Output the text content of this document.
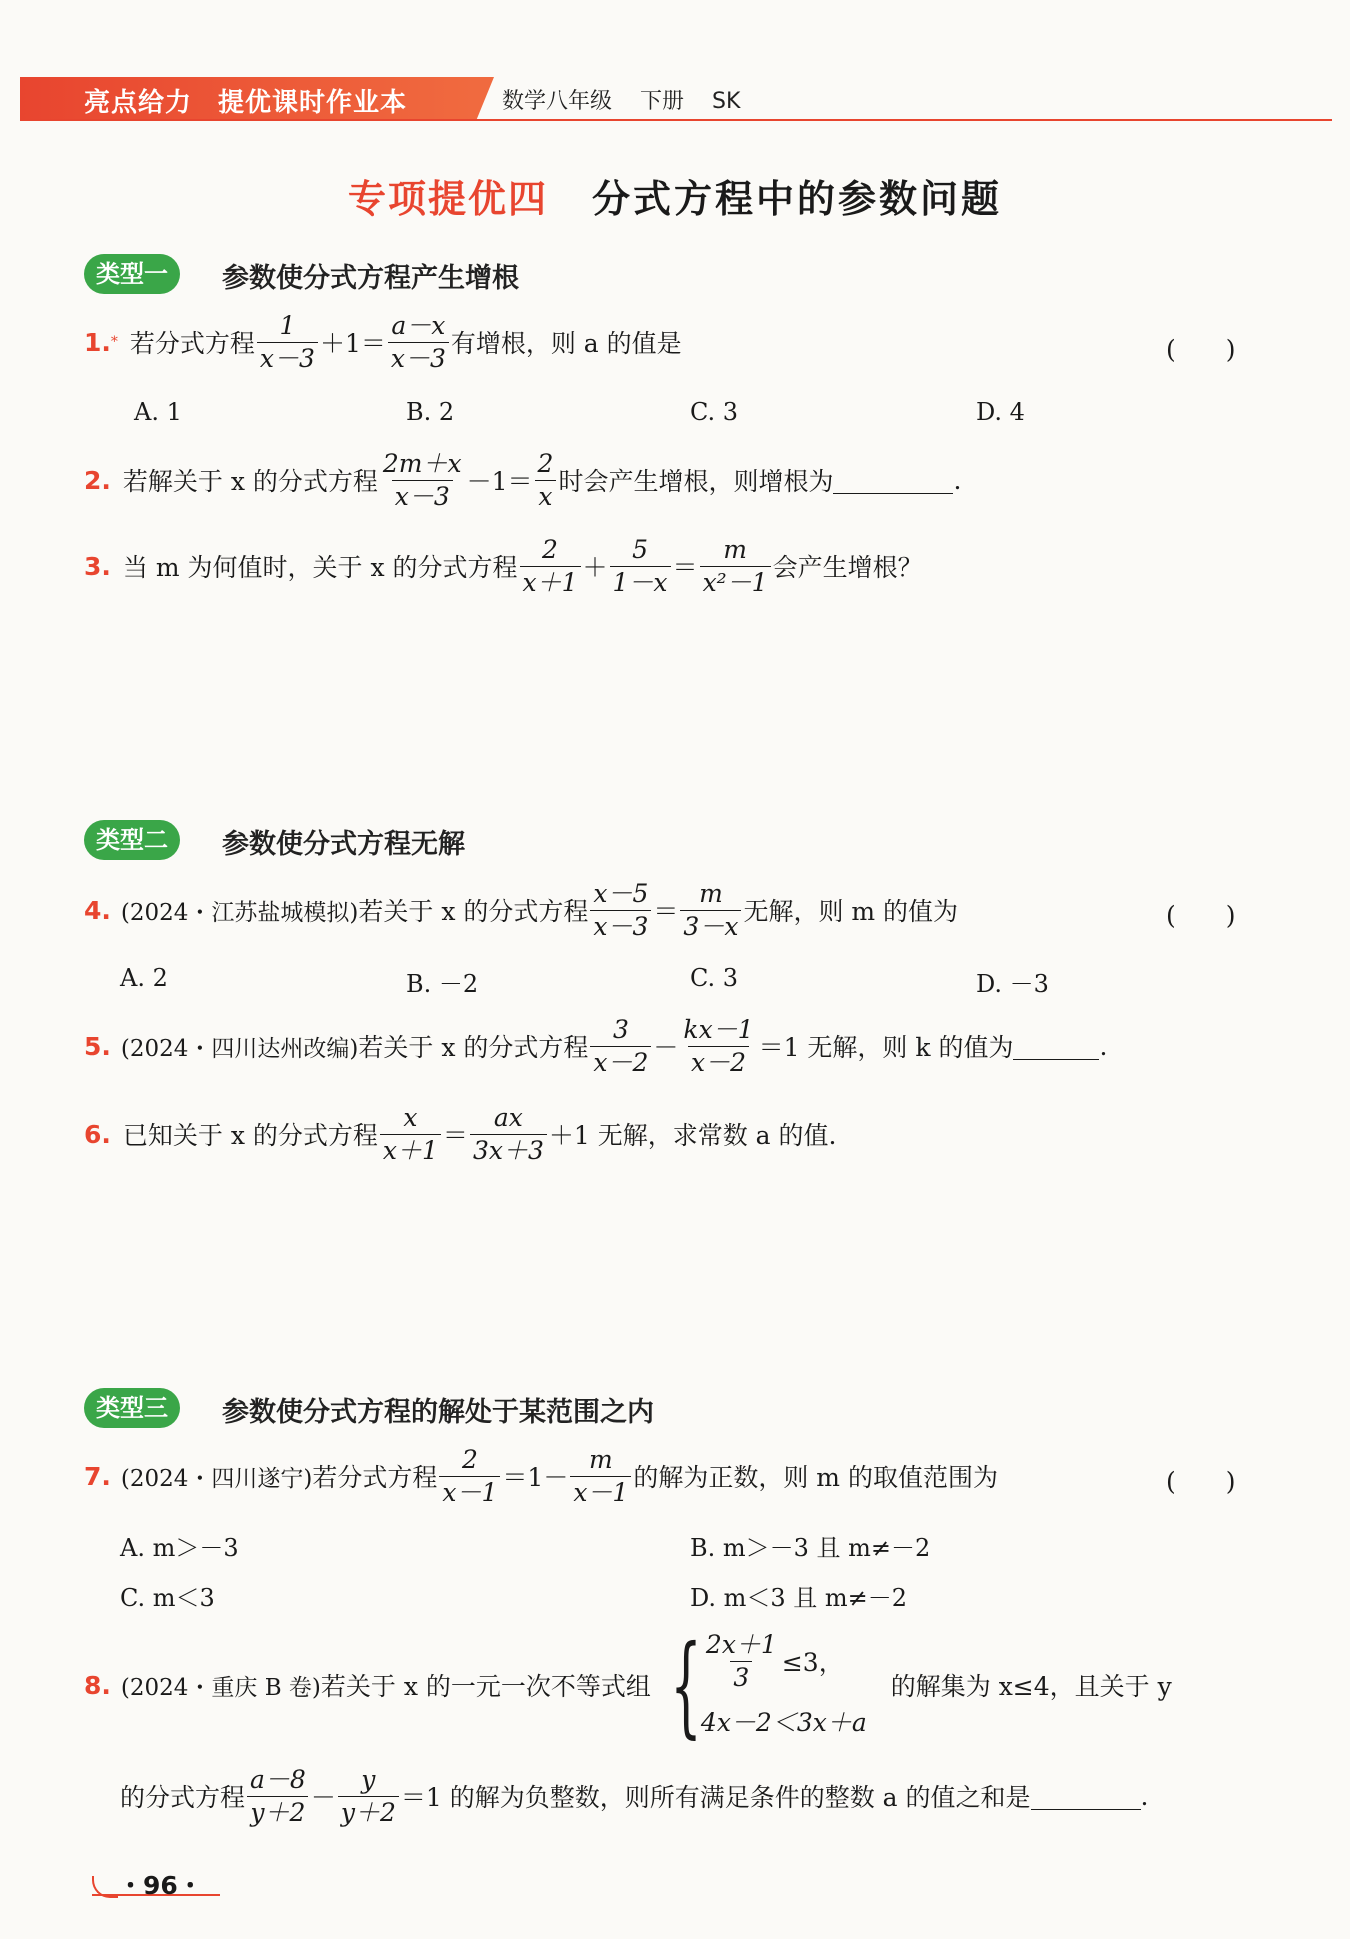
亮点给力 提优课时作业本	数学八年级 下册 SK
专项提优四 分式方程中的参数问题
类型一	参数使分式方程产生增根
1. * 若分式方程 $\frac{1}{x-3} +1= \frac{a-x}{x-3}$ 有增根，则 a 的值是	(　　)
A. 1	B. 2	C. 3	D. 4
2. 若解关于 x 的分式方程 $\frac{2m+x}{x-3} -1= \frac{2}{x}$ 时会产生增根，则增根为	.
3. 当 m 为何值时，关于 x 的分式方程 $\frac{2}{x+1} + \frac{5}{1-x} = \frac{m}{\text{x²－1}}$ 会产生增根？
类型二	参数使分式方程无解
4. (2024・江苏盐城模拟) 若关于 x 的分式方程 $\frac{x-5}{x-3} = \frac{m}{3-x}$ 无解，则 m 的值为	(　　)
A. 2	B. －2	C. 3	D. －3
5. (2024・四川达州改编) 若关于 x 的分式方程 $\frac{3}{x-2} - \frac{kx-1}{x-2} =1$ 无解，则 k 的值为	.
6. 已知关于 x 的分式方程 $\frac{x}{x+1} = \frac{ax}{3x+3} +1$ 无解，求常数 a 的值.
类型三	参数使分式方程的解处于某范围之内
7. (2024・四川遂宁) 若分式方程 $\frac{2}{x-1} =1- \frac{m}{x-1}$ 的解为正数，则 m 的取值范围为	(　　)
A. m＞－3	B. m＞－3 且 m≠－2
C. m＜3	D. m＜3 且 m≠－2
8. (2024・重庆 B 卷) 若关于 x 的一元一次不等式组 { $\frac{2x+1}{3} \le 3$，
4x－2＜3x＋a
的解集为 x≤4，且关于 y
的分式方程 $\frac{a-8}{y+2} - \frac{y}{y+2} =1$ 的解为负整数，则所有满足条件的整数 a 的值之和是	.
・96・
